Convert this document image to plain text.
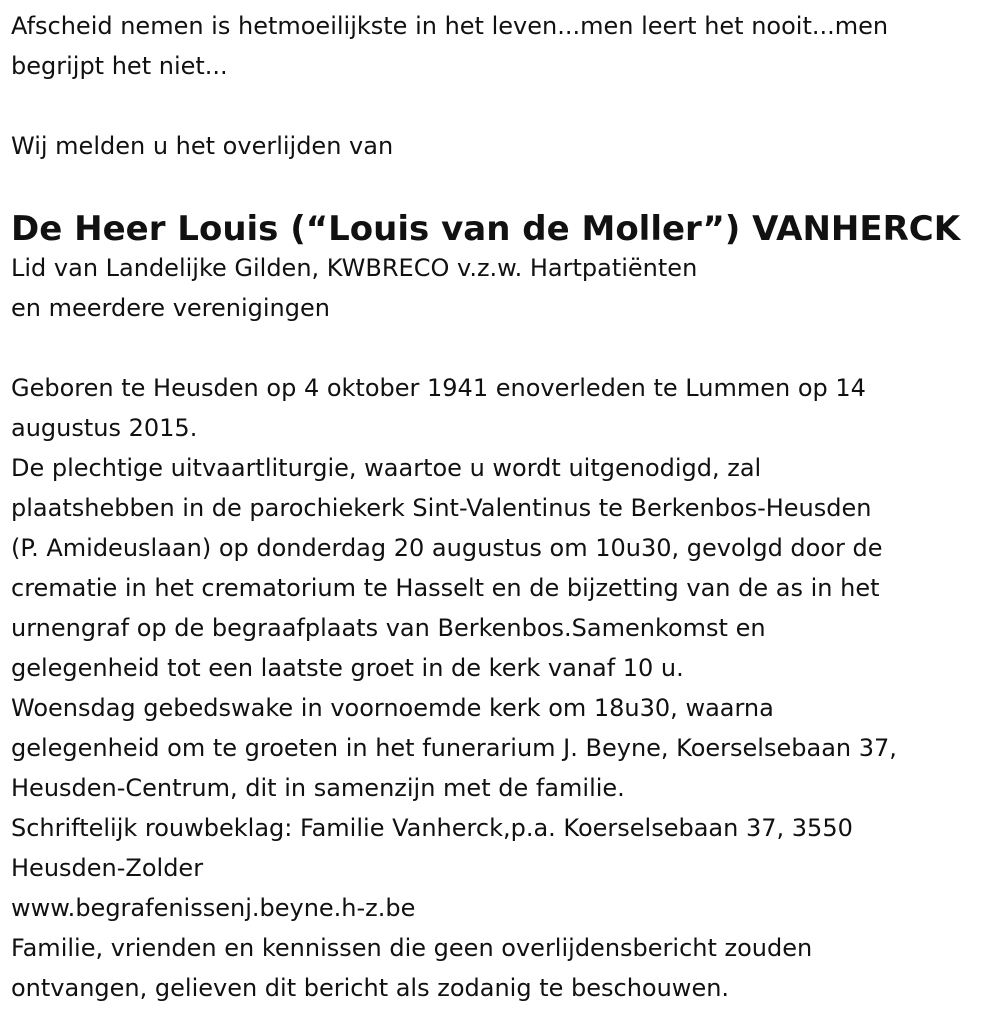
Afscheid nemen is hetmoeilijkste in het leven...men leert het nooit...men
begrijpt het niet...
Wij melden u het overlijden van
De Heer Louis (“Louis van de Moller”) VANHERCK
Lid van Landelijke Gilden, KWBRECO v.z.w. Hartpatiënten
en meerdere verenigingen
Geboren te Heusden op 4 oktober 1941 enoverleden te Lummen op 14
augustus 2015.
De plechtige uitvaartliturgie, waartoe u wordt uitgenodigd, zal
plaatshebben in de parochiekerk Sint-Valentinus te Berkenbos-Heusden
(P. Amideuslaan) op donderdag 20 augustus om 10u30, gevolgd door de
crematie in het crematorium te Hasselt en de bijzetting van de as in het
urnengraf op de begraafplaats van Berkenbos.Samenkomst en
gelegenheid tot een laatste groet in de kerk vanaf 10 u.
Woensdag gebedswake in voornoemde kerk om 18u30, waarna
gelegenheid om te groeten in het funerarium J. Beyne, Koerselsebaan 37,
Heusden-Centrum, dit in samenzijn met de familie.
Schriftelijk rouwbeklag: Familie Vanherck,p.a. Koerselsebaan 37, 3550
Heusden-Zolder
www.begrafenissenj.beyne.h-z.be
Familie, vrienden en kennissen die geen overlijdensbericht zouden
ontvangen, gelieven dit bericht als zodanig te beschouwen.
